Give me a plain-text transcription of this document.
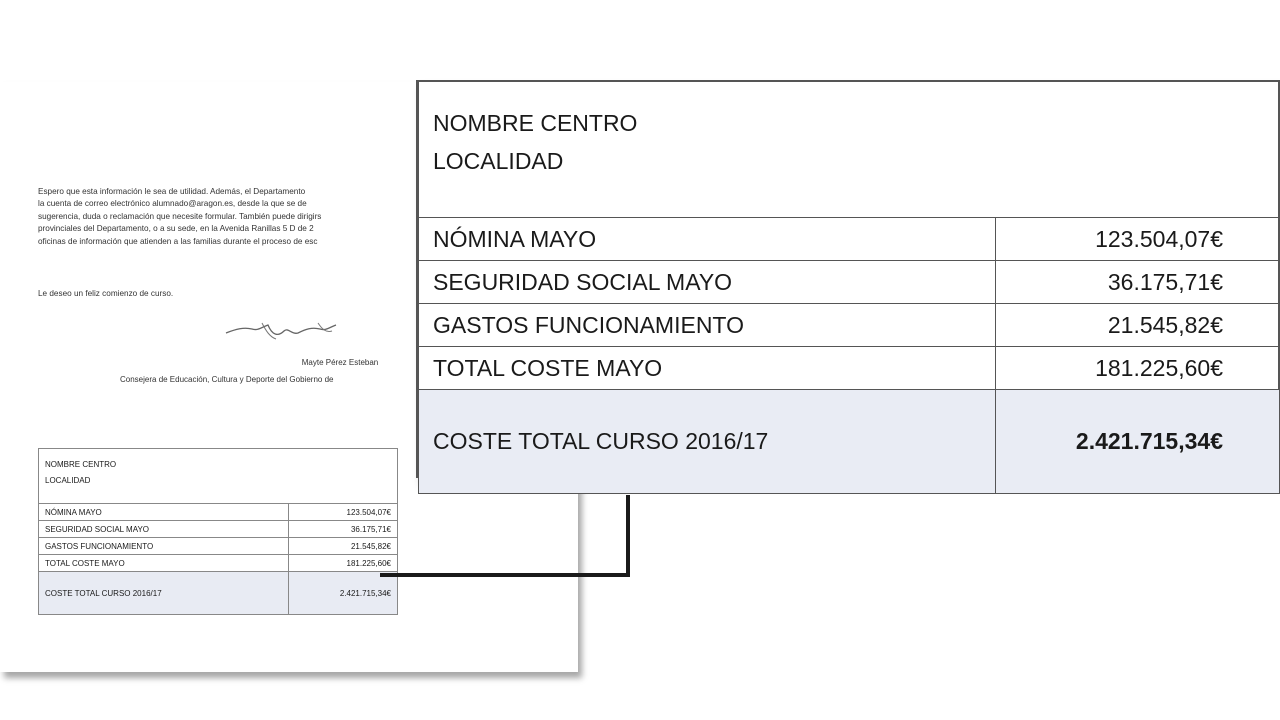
Espero que esta información le sea de utilidad. Además, el Departamento
la cuenta de correo electrónico alumnado@aragon.es, desde la que se de
sugerencia, duda o reclamación que necesite formular. También puede dirigirs
provinciales del Departamento, o a su sede, en la Avenida Ranillas 5 D de 2
oficinas de información que atienden a las familias durante el proceso de esc
Le deseo un feliz comienzo de curso.
Mayte Pérez Esteban
Consejera de Educación, Cultura y Deporte del Gobierno de
NOMBRE CENTRO
LOCALIDAD	

NÓMINA MAYO	123.504,07€
SEGURIDAD SOCIAL MAYO	36.175,71€
GASTOS FUNCIONAMIENTO	21.545,82€
TOTAL COSTE MAYO	181.225,60€
COSTE TOTAL CURSO 2016/17	2.421.715,34€
NOMBRE CENTRO
LOCALIDAD	

NÓMINA MAYO	123.504,07€
SEGURIDAD SOCIAL MAYO	36.175,71€
GASTOS FUNCIONAMIENTO	21.545,82€
TOTAL COSTE MAYO	181.225,60€
COSTE TOTAL CURSO 2016/17	2.421.715,34€
